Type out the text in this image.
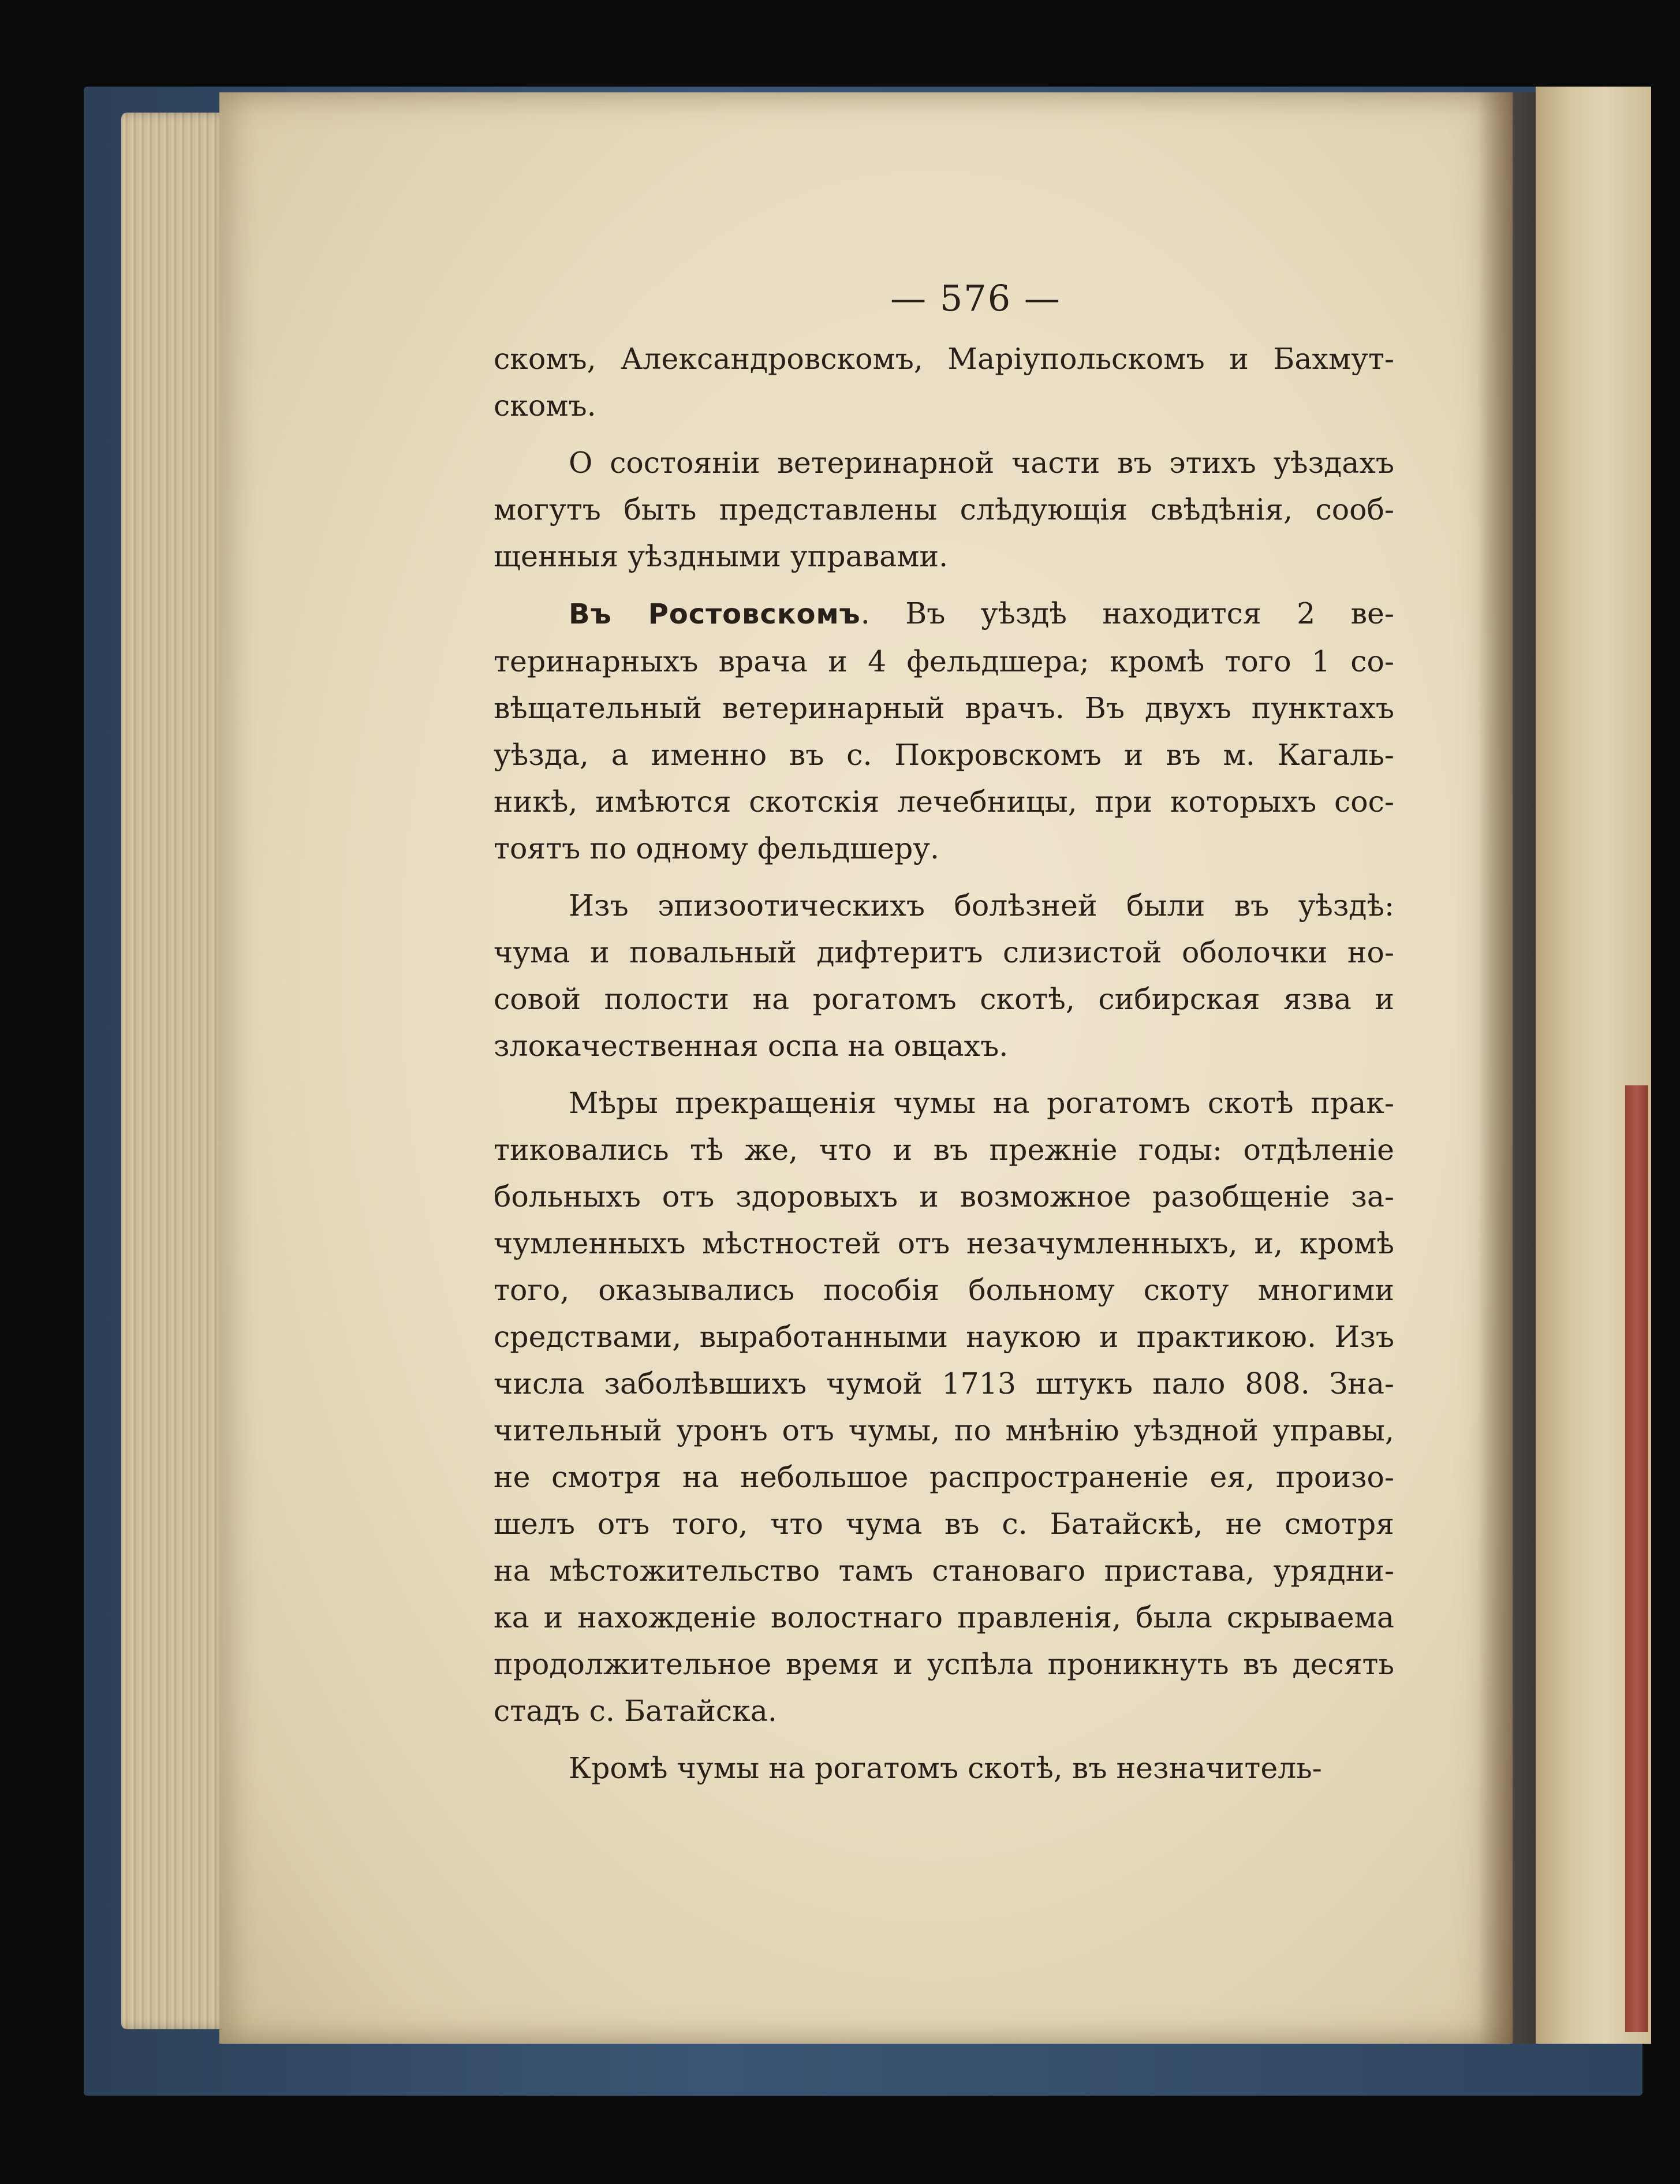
— 576 —
скомъ, Александровскомъ, Маріупольскомъ и Бахмут-
скомъ.
О состояніи ветеринарной части въ этихъ уѣздахъ
могутъ быть представлены слѣдующія свѣдѣнія, сооб-
щенныя уѣздными управами.
Въ Ростовскомъ. Въ уѣздѣ находится 2 ве-
теринарныхъ врача и 4 фельдшера; кромѣ того 1 со-
вѣщательный ветеринарный врачъ. Въ двухъ пунктахъ
уѣзда, а именно въ с. Покровскомъ и въ м. Кагаль-
никѣ, имѣются скотскія лечебницы, при которыхъ сос-
тоятъ по одному фельдшеру.
Изъ эпизоотическихъ болѣзней были въ уѣздѣ:
чума и повальный дифтеритъ слизистой оболочки но-
совой полости на рогатомъ скотѣ, сибирская язва и
злокачественная оспа на овцахъ.
Мѣры прекращенія чумы на рогатомъ скотѣ прак-
тиковались тѣ же, что и въ прежніе годы: отдѣленіе
больныхъ отъ здоровыхъ и возможное разобщеніе за-
чумленныхъ мѣстностей отъ незачумленныхъ, и, кромѣ
того, оказывались пособія больному скоту многими
средствами, выработанными наукою и практикою. Изъ
числа заболѣвшихъ чумой 1713 штукъ пало 808. Зна-
чительный уронъ отъ чумы, по мнѣнію уѣздной управы,
не смотря на небольшое распространеніе ея, произо-
шелъ отъ того, что чума въ с. Батайскѣ, не смотря
на мѣстожительство тамъ становаго пристава, урядни-
ка и нахожденіе волостнаго правленія, была скрываема
продолжительное время и успѣла проникнуть въ десять
стадъ с. Батайска.
Кромѣ чумы на рогатомъ скотѣ, въ незначитель-
